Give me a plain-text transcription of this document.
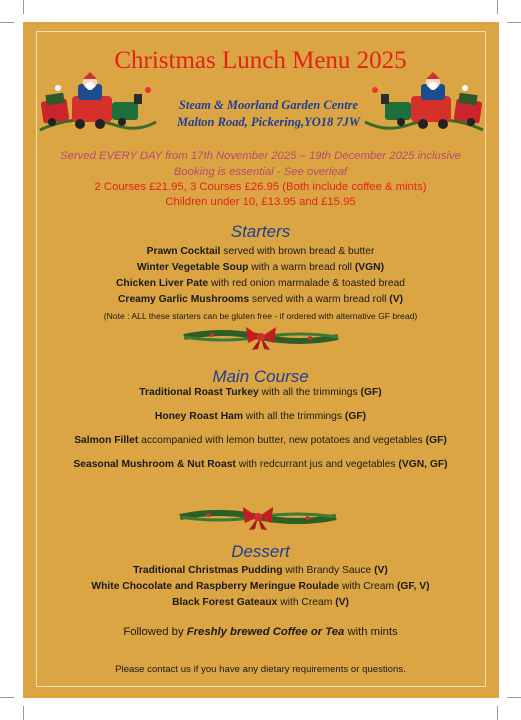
Christmas Lunch Menu 2025
Steam & Moorland Garden Centre
Malton Road, Pickering,YO18 7JW
Served EVERY DAY from 17th November 2025 – 19th December 2025 inclusive
Booking is essential - See overleaf
2 Courses £21.95, 3 Courses £26.95 (Both include coffee & mints)
Children under 10, £13.95 and £15.95
Starters
Prawn Cocktail served with brown bread & butter
Winter Vegetable Soup with a warm bread roll (VGN)
Chicken Liver Pate with red onion marmalade & toasted bread
Creamy Garlic Mushrooms served with a warm bread roll (V)
(Note : ALL these starters can be gluten free - if ordered with alternative GF bread)
Main Course
Traditional Roast Turkey with all the trimmings (GF)
Honey Roast Ham with all the trimmings (GF)
Salmon Fillet accompanied with lemon butter, new potatoes and vegetables (GF)
Seasonal Mushroom & Nut Roast with redcurrant jus and vegetables (VGN, GF)
Dessert
Traditional Christmas Pudding with Brandy Sauce (V)
White Chocolate and Raspberry Meringue Roulade with Cream (GF, V)
Black Forest Gateaux with Cream (V)
Followed by Freshly brewed Coffee or Tea with mints
Please contact us if you have any dietary requirements or questions.
